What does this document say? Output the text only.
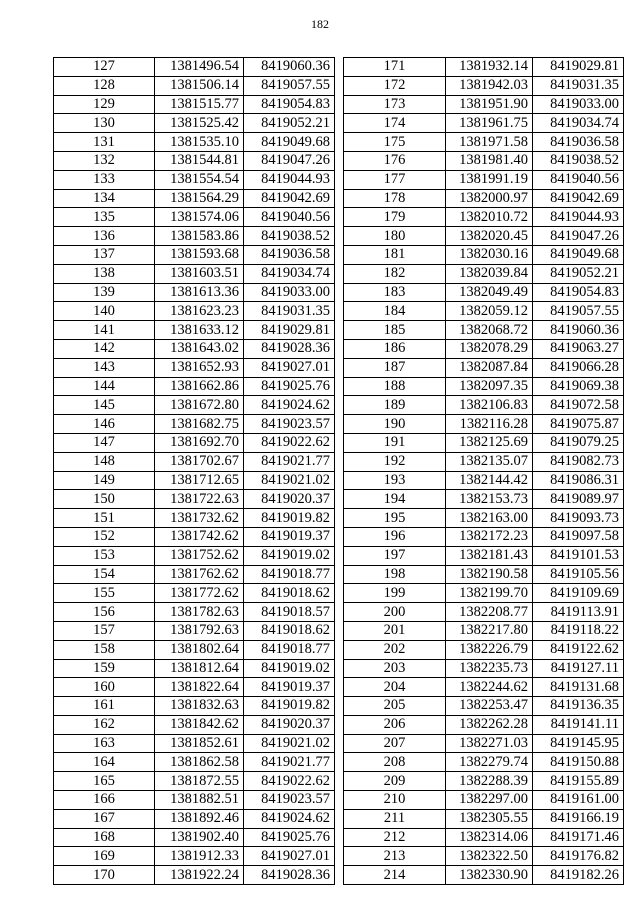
182
127	1381496.54	8419060.36
128	1381506.14	8419057.55
129	1381515.77	8419054.83
130	1381525.42	8419052.21
131	1381535.10	8419049.68
132	1381544.81	8419047.26
133	1381554.54	8419044.93
134	1381564.29	8419042.69
135	1381574.06	8419040.56
136	1381583.86	8419038.52
137	1381593.68	8419036.58
138	1381603.51	8419034.74
139	1381613.36	8419033.00
140	1381623.23	8419031.35
141	1381633.12	8419029.81
142	1381643.02	8419028.36
143	1381652.93	8419027.01
144	1381662.86	8419025.76
145	1381672.80	8419024.62
146	1381682.75	8419023.57
147	1381692.70	8419022.62
148	1381702.67	8419021.77
149	1381712.65	8419021.02
150	1381722.63	8419020.37
151	1381732.62	8419019.82
152	1381742.62	8419019.37
153	1381752.62	8419019.02
154	1381762.62	8419018.77
155	1381772.62	8419018.62
156	1381782.63	8419018.57
157	1381792.63	8419018.62
158	1381802.64	8419018.77
159	1381812.64	8419019.02
160	1381822.64	8419019.37
161	1381832.63	8419019.82
162	1381842.62	8419020.37
163	1381852.61	8419021.02
164	1381862.58	8419021.77
165	1381872.55	8419022.62
166	1381882.51	8419023.57
167	1381892.46	8419024.62
168	1381902.40	8419025.76
169	1381912.33	8419027.01
170	1381922.24	8419028.36
171	1381932.14	8419029.81
172	1381942.03	8419031.35
173	1381951.90	8419033.00
174	1381961.75	8419034.74
175	1381971.58	8419036.58
176	1381981.40	8419038.52
177	1381991.19	8419040.56
178	1382000.97	8419042.69
179	1382010.72	8419044.93
180	1382020.45	8419047.26
181	1382030.16	8419049.68
182	1382039.84	8419052.21
183	1382049.49	8419054.83
184	1382059.12	8419057.55
185	1382068.72	8419060.36
186	1382078.29	8419063.27
187	1382087.84	8419066.28
188	1382097.35	8419069.38
189	1382106.83	8419072.58
190	1382116.28	8419075.87
191	1382125.69	8419079.25
192	1382135.07	8419082.73
193	1382144.42	8419086.31
194	1382153.73	8419089.97
195	1382163.00	8419093.73
196	1382172.23	8419097.58
197	1382181.43	8419101.53
198	1382190.58	8419105.56
199	1382199.70	8419109.69
200	1382208.77	8419113.91
201	1382217.80	8419118.22
202	1382226.79	8419122.62
203	1382235.73	8419127.11
204	1382244.62	8419131.68
205	1382253.47	8419136.35
206	1382262.28	8419141.11
207	1382271.03	8419145.95
208	1382279.74	8419150.88
209	1382288.39	8419155.89
210	1382297.00	8419161.00
211	1382305.55	8419166.19
212	1382314.06	8419171.46
213	1382322.50	8419176.82
214	1382330.90	8419182.26
